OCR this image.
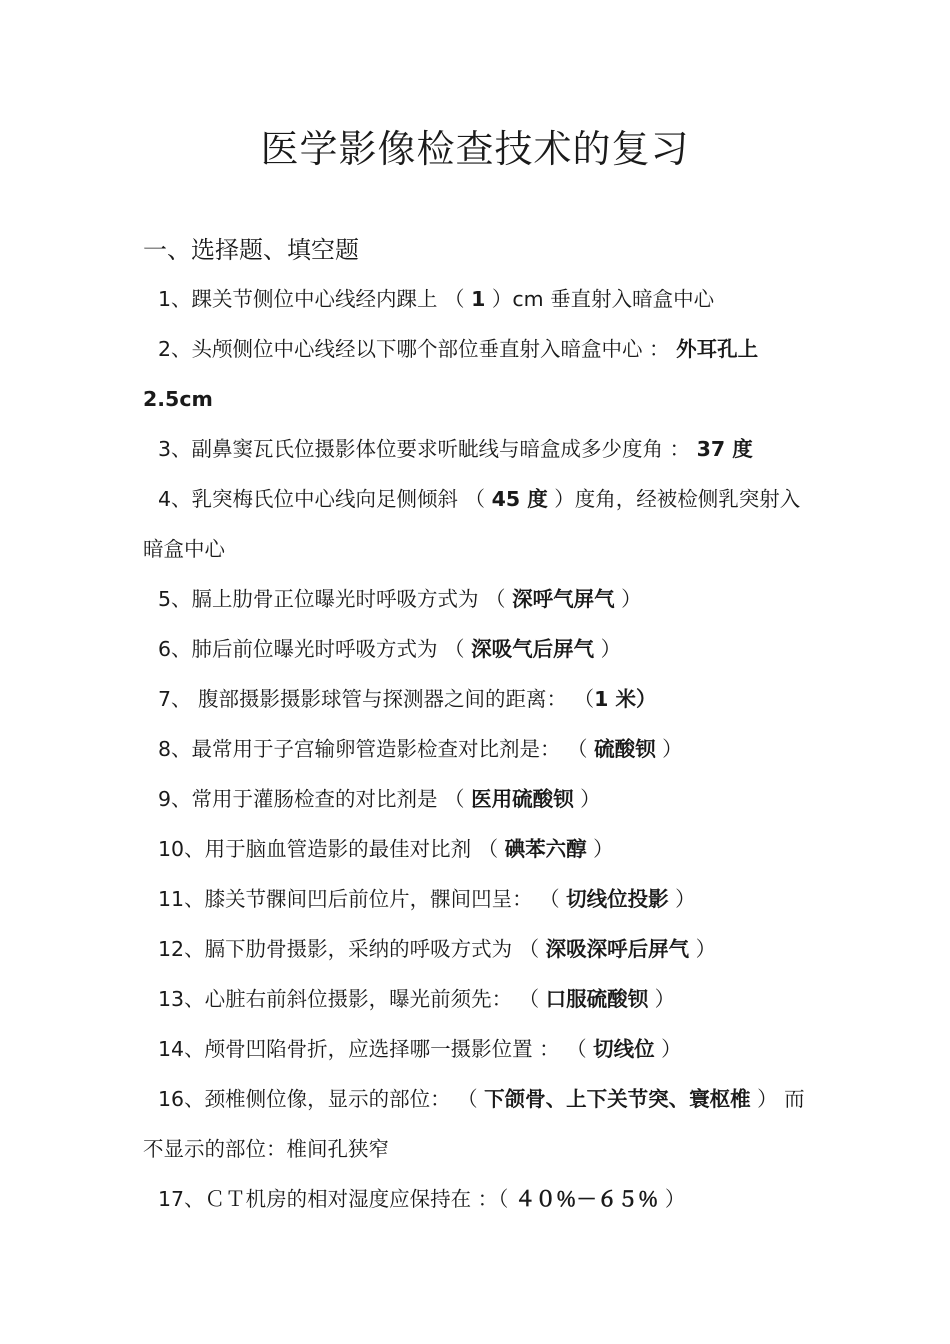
医学影像检查技术的复习
一、选择题、填空题
1、踝关节侧位中心线经内踝上 （ 1 ）cm 垂直射入暗盒中心
2、头颅侧位中心线经以下哪个部位垂直射入暗盒中心 ： 外耳孔上 2.5cm
3、副鼻窦瓦氏位摄影体位要求听眦线与暗盒成多少度角 ： 37 度
4、乳突梅氏位中心线向足侧倾斜 （ 45 度 ）度角，经被检侧乳突射入暗盒中心
5、膈上肋骨正位曝光时呼吸方式为 （ 深呼气屏气 ）
6、肺后前位曝光时呼吸方式为 （ 深吸气后屏气 ）
7、 腹部摄影摄影球管与探测器之间的距离： （1 米）
8、最常用于子宫输卵管造影检查对比剂是： （ 硫酸钡 ）
9、常用于灌肠检查的对比剂是 （ 医用硫酸钡 ）
10、用于脑血管造影的最佳对比剂 （ 碘苯六醇 ）
11、膝关节髁间凹后前位片，髁间凹呈： （ 切线位投影 ）
12、膈下肋骨摄影，采纳的呼吸方式为 （ 深吸深呼后屏气 ）
13、心脏右前斜位摄影，曝光前须先： （ 口服硫酸钡 ）
14、颅骨凹陷骨折，应选择哪一摄影位置 ： （ 切线位 ）
16、颈椎侧位像，显示的部位： （ 下颌骨、上下关节突、寰枢椎 ） 而不显示的部位：椎间孔狭窄
17、ＣＴ机房的相对湿度应保持在 ：（ ４０％－６５％ ）
